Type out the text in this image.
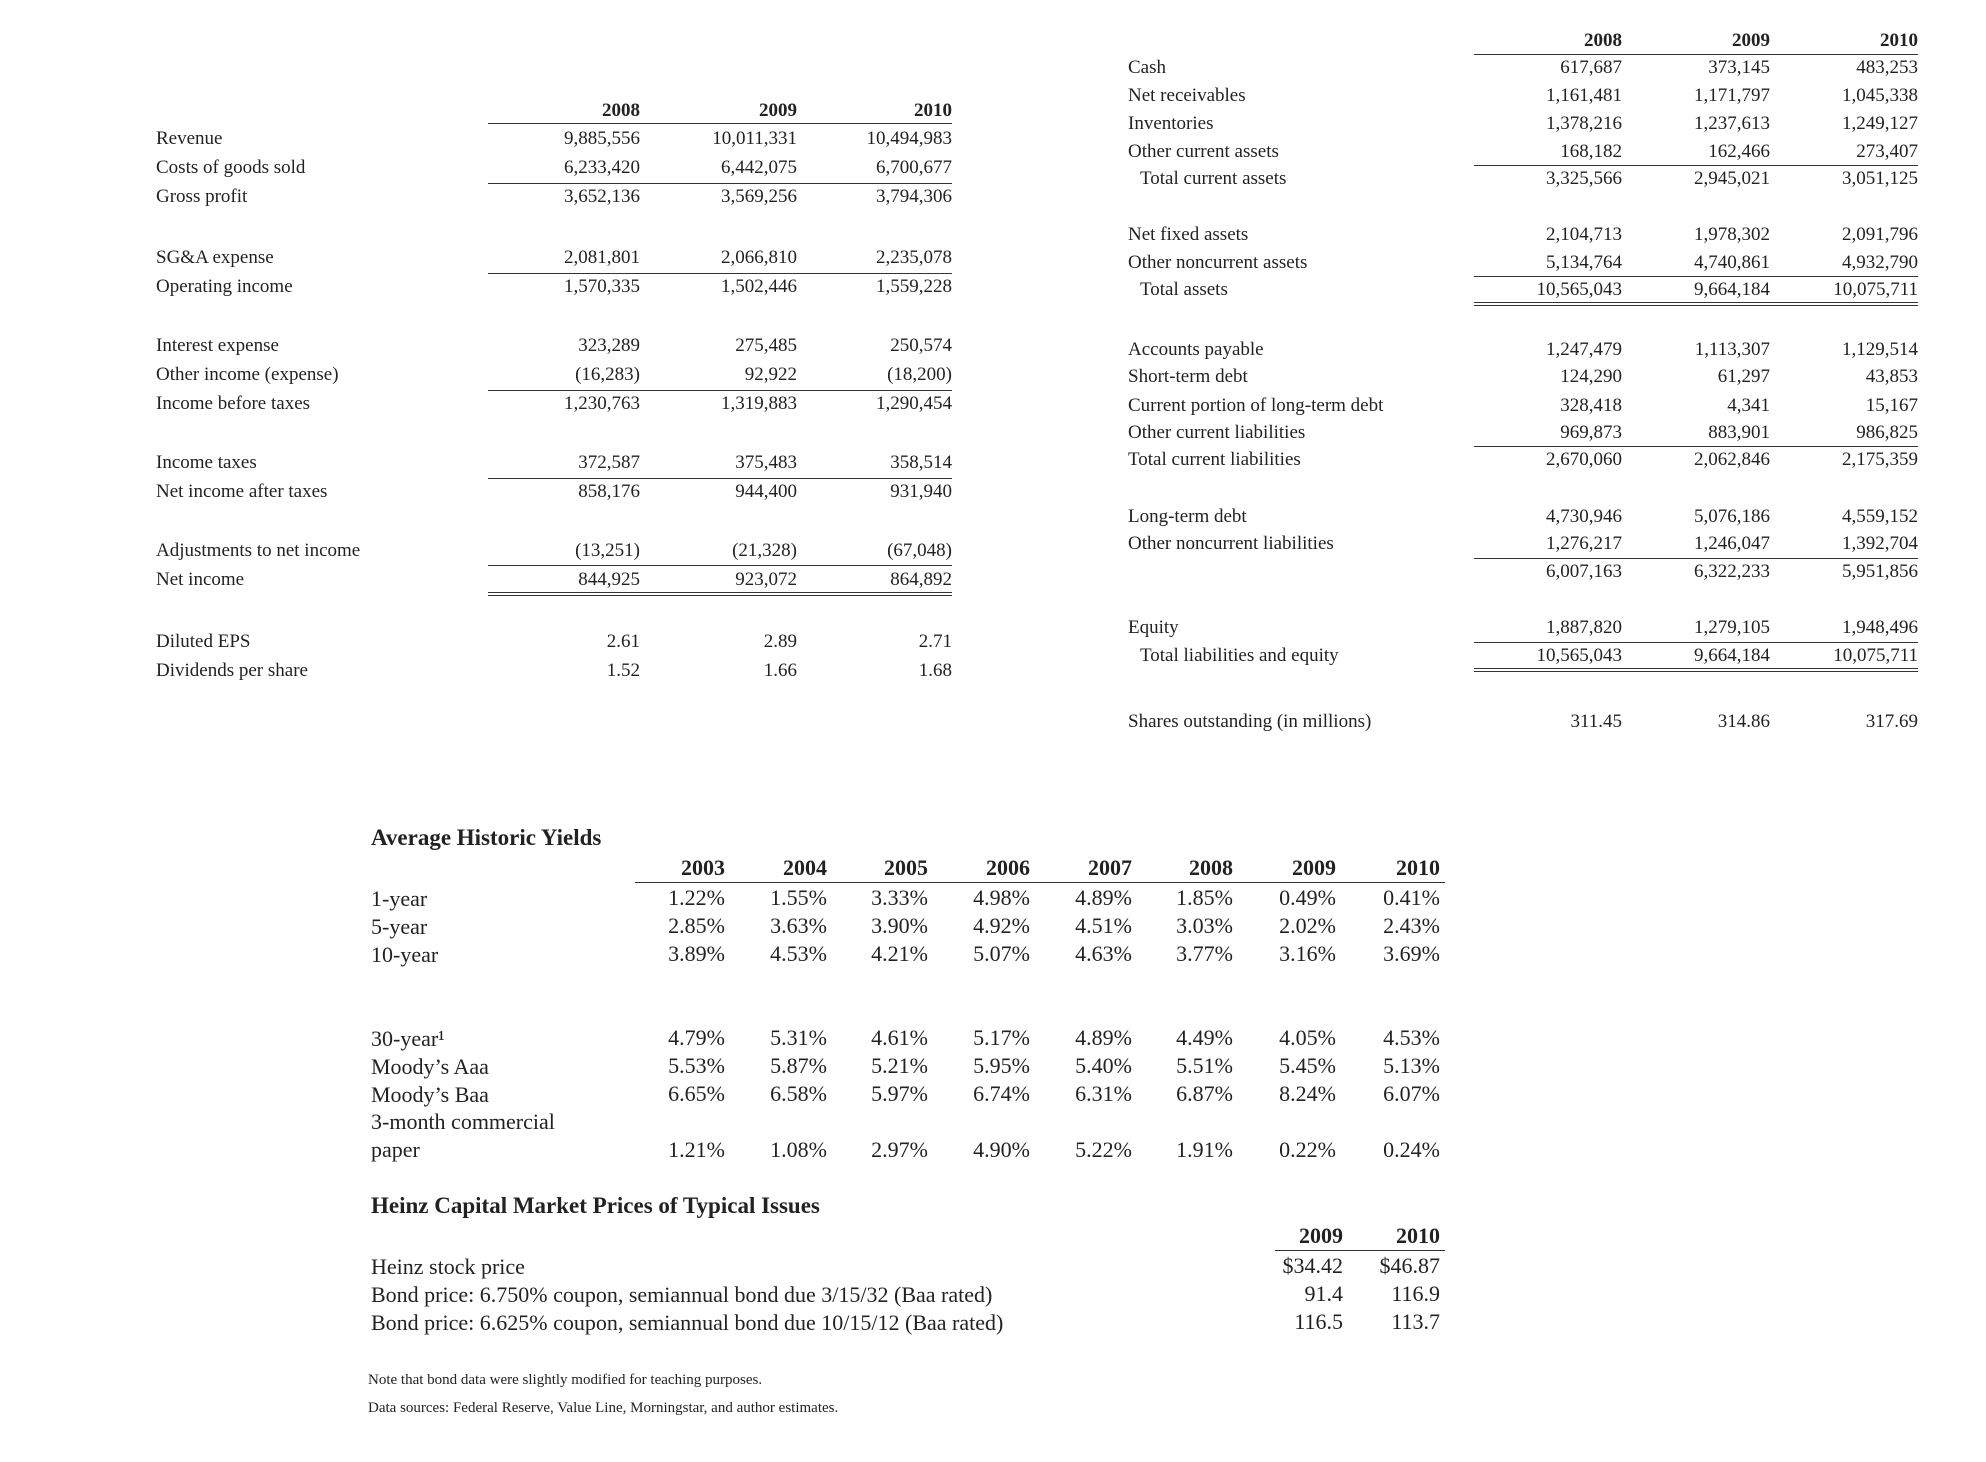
2008	2009	2010
Revenue	9,885,556	10,011,331	10,494,983
Costs of goods sold	6,233,420	6,442,075	6,700,677
Gross profit	3,652,136	3,569,256	3,794,306
SG&A expense	2,081,801	2,066,810	2,235,078
Operating income	1,570,335	1,502,446	1,559,228
Interest expense	323,289	275,485	250,574
Other income (expense)	(16,283)	92,922	(18,200)
Income before taxes	1,230,763	1,319,883	1,290,454
Income taxes	372,587	375,483	358,514
Net income after taxes	858,176	944,400	931,940
Adjustments to net income	(13,251)	(21,328)	(67,048)
Net income	844,925	923,072	864,892
Diluted EPS	2.61	2.89	2.71
Dividends per share	1.52	1.66	1.68
2008	2009	2010
Cash	617,687	373,145	483,253
Net receivables	1,161,481	1,171,797	1,045,338
Inventories	1,378,216	1,237,613	1,249,127
Other current assets	168,182	162,466	273,407
Total current assets	3,325,566	2,945,021	3,051,125
Net fixed assets	2,104,713	1,978,302	2,091,796
Other noncurrent assets	5,134,764	4,740,861	4,932,790
Total assets	10,565,043	9,664,184	10,075,711
Accounts payable	1,247,479	1,113,307	1,129,514
Short-term debt	124,290	61,297	43,853
Current portion of long-term debt	328,418	4,341	15,167
Other current liabilities	969,873	883,901	986,825
Total current liabilities	2,670,060	2,062,846	2,175,359
Long-term debt	4,730,946	5,076,186	4,559,152
Other noncurrent liabilities	1,276,217	1,246,047	1,392,704
6,007,163	6,322,233	5,951,856
Equity	1,887,820	1,279,105	1,948,496
Total liabilities and equity	10,565,043	9,664,184	10,075,711
Shares outstanding (in millions)	311.45	314.86	317.69
Average Historic Yields
2003	2004	2005	2006	2007	2008	2009	2010
1-year	1.22%	1.55%	3.33%	4.98%	4.89%	1.85%	0.49%	0.41%
5-year	2.85%	3.63%	3.90%	4.92%	4.51%	3.03%	2.02%	2.43%
10-year	3.89%	4.53%	4.21%	5.07%	4.63%	3.77%	3.16%	3.69%
30-year¹	4.79%	5.31%	4.61%	5.17%	4.89%	4.49%	4.05%	4.53%
Moody’s Aaa	5.53%	5.87%	5.21%	5.95%	5.40%	5.51%	5.45%	5.13%
Moody’s Baa	6.65%	6.58%	5.97%	6.74%	6.31%	6.87%	8.24%	6.07%
3-month commercial
paper	1.21%	1.08%	2.97%	4.90%	5.22%	1.91%	0.22%	0.24%
Heinz Capital Market Prices of Typical Issues
2009	2010
Heinz stock price	$34.42	$46.87
Bond price: 6.750% coupon, semiannual bond due 3/15/32 (Baa rated)	91.4	116.9
Bond price: 6.625% coupon, semiannual bond due 10/15/12 (Baa rated)	116.5	113.7
Note that bond data were slightly modified for teaching purposes.
Data sources: Federal Reserve, Value Line, Morningstar, and author estimates.
